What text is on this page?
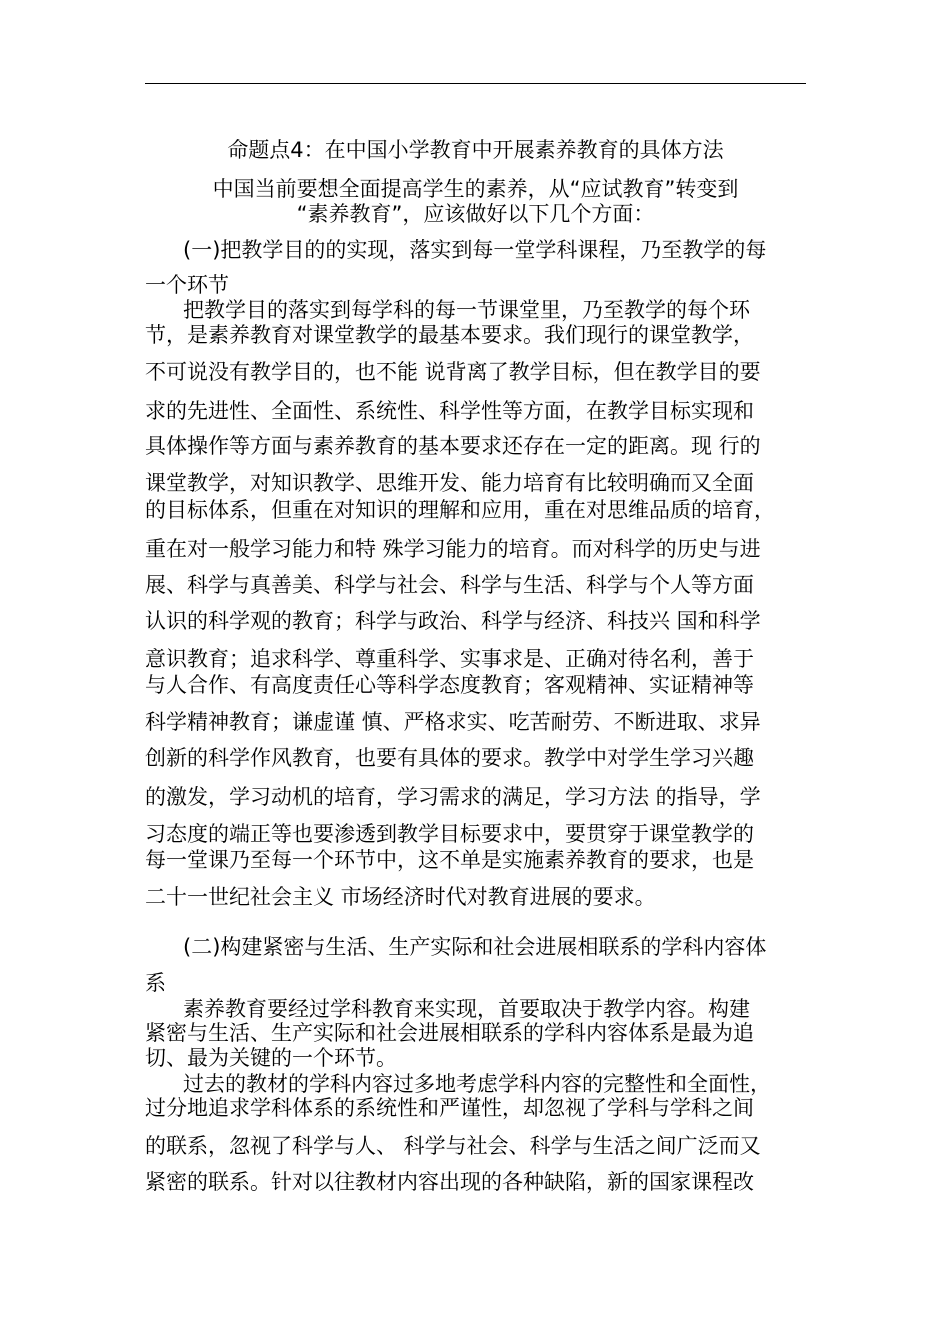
命题点4：在中国小学教育中开展素养教育的具体方法

中国当前要想全面提高学生的素养，从“应试教育”转变到

“素养教育”，应该做好以下几个方面：

(一)把教学目的的实现，落实到每一堂学科课程，乃至教学的每

一个环节

把教学目的落实到每学科的每一节课堂里，乃至教学的每个环

节，是素养教育对课堂教学的最基本要求。我们现行的课堂教学，

不可说没有教学目的，也不能 说背离了教学目标，但在教学目的要

求的先进性、全面性、系统性、科学性等方面，在教学目标实现和

具体操作等方面与素养教育的基本要求还存在一定的距离。现 行的

课堂教学，对知识教学、思维开发、能力培育有比较明确而又全面

的目标体系，但重在对知识的理解和应用，重在对思维品质的培育，

重在对一般学习能力和特 殊学习能力的培育。而对科学的历史与进

展、科学与真善美、科学与社会、科学与生活、科学与个人等方面

认识的科学观的教育；科学与政治、科学与经济、科技兴 国和科学

意识教育；追求科学、尊重科学、实事求是、正确对待名利，善于

与人合作、有高度责任心等科学态度教育；客观精神、实证精神等

科学精神教育；谦虚谨 慎、严格求实、吃苦耐劳、不断进取、求异

创新的科学作风教育，也要有具体的要求。教学中对学生学习兴趣

的激发，学习动机的培育，学习需求的满足，学习方法 的指导，学

习态度的端正等也要渗透到教学目标要求中，要贯穿于课堂教学的

每一堂课乃至每一个环节中，这不单是实施素养教育的要求，也是

二十一世纪社会主义 市场经济时代对教育进展的要求。

(二)构建紧密与生活、生产实际和社会进展相联系的学科内容体

系

素养教育要经过学科教育来实现，首要取决于教学内容。构建

紧密与生活、生产实际和社会进展相联系的学科内容体系是最为追

切、最为关键的一个环节。

过去的教材的学科内容过多地考虑学科内容的完整性和全面性，

过分地追求学科体系的系统性和严谨性，却忽视了学科与学科之间

的联系，忽视了科学与人、 科学与社会、科学与生活之间广泛而又

紧密的联系。针对以往教材内容出现的各种缺陷，新的国家课程改
